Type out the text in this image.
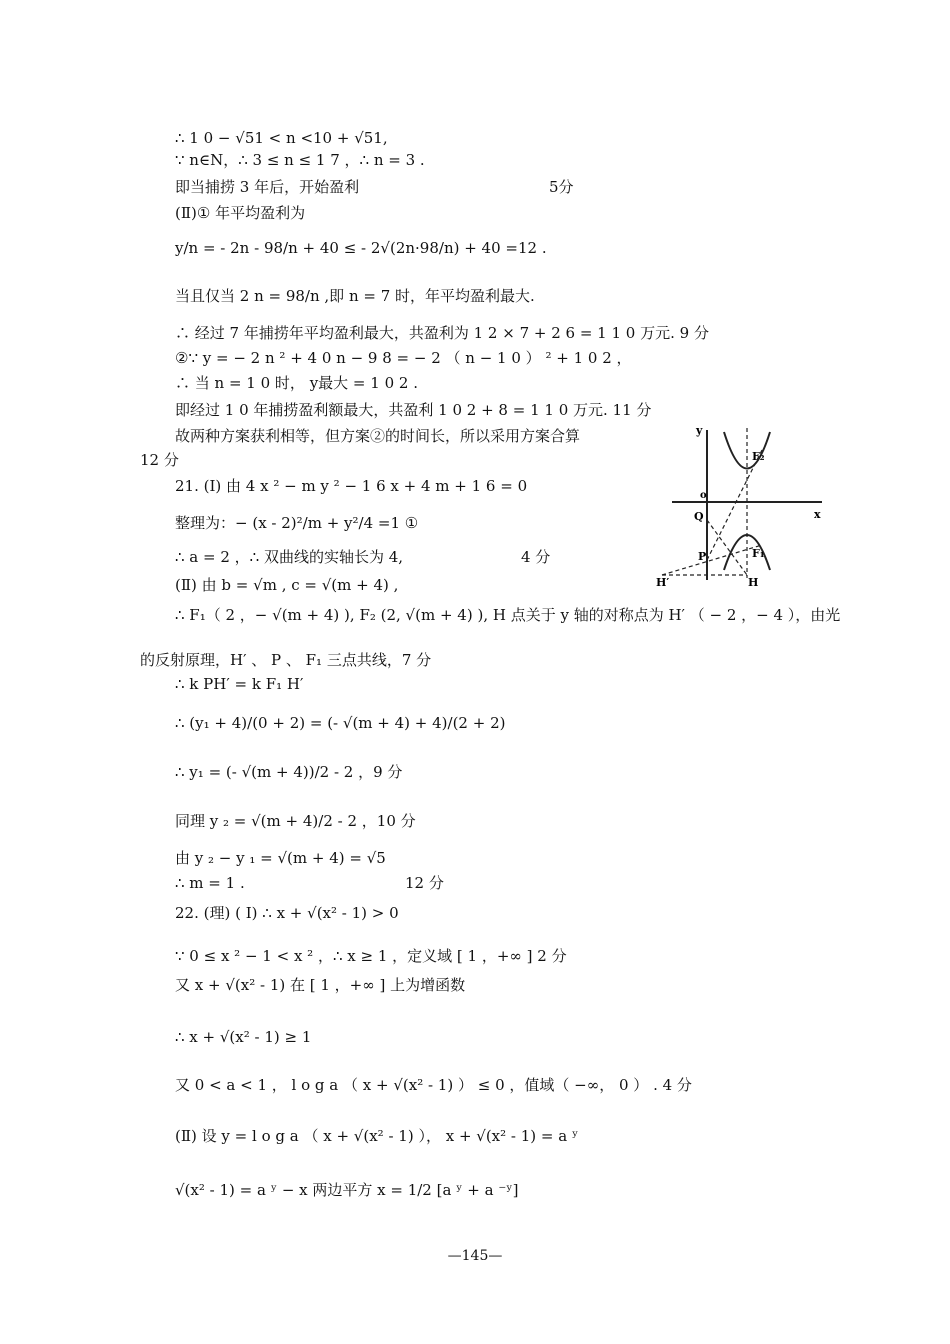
∴ 1 0 − √51 < n <10 + √51,
∵ n∈N，∴ 3 ≤ n ≤ 1 7 ，∴ n = 3 .
即当捕捞 3 年后，开始盈利	5分
(Ⅱ)① 年平均盈利为
y/n = - 2n - 98/n + 40 ≤ - 2√(2n·98/n) + 40 =12 .
当且仅当 2 n = 98/n ,即 n = 7 时，年平均盈利最大.
∴ 经过 7 年捕捞年平均盈利最大，共盈利为 1 2 × 7 + 2 6 = 1 1 0 万元. 9 分
②∵ y = − 2 n ² + 4 0 n − 9 8 = − 2 （ n − 1 0 ） ² + 1 0 2 ，
∴ 当 n = 1 0 时， y最大 = 1 0 2 .
即经过 1 0 年捕捞盈利额最大，共盈利 1 0 2 + 8 = 1 1 0 万元. 11 分
故两种方案获利相等，但方案②的时间长，所以采用方案合算
12 分
21. (Ⅰ) 由 4 x ² − m y ² − 1 6 x + 4 m + 1 6 = 0
整理为：− (x - 2)²/m + y²/4 =1 ①
∴ a = 2 ，∴ 双曲线的实轴长为 4,	4 分
(Ⅱ) 由 b = √m , c = √(m + 4) ,
∴ F₁（ 2 ，− √(m + 4) ), F₂ (2, √(m + 4) ), H 点关于 y 轴的对称点为 H′ （ − 2 ，− 4 ），由光
的反射原理，H′ 、 P 、 F₁ 三点共线，7 分
∴ k PH′ = k F₁ H′
∴ (y₁ + 4)/(0 + 2) = (- √(m + 4) + 4)/(2 + 2)
∴ y₁ = (- √(m + 4))/2 - 2 ，9 分
同理 y ₂ = √(m + 4)/2 - 2 ，10 分
由 y ₂ − y ₁ = √(m + 4) = √5
∴ m = 1 .	12 分
22. (理) ( Ⅰ) ∴ x + √(x² - 1) > 0
∵ 0 ≤ x ² − 1 < x ² ，∴ x ≥ 1 ，定义域 [ 1 ，+∞ ] 2 分
又 x + √(x² - 1) 在 [ 1 ，+∞ ] 上为增函数
∴ x + √(x² - 1) ≥ 1
又 0 < a < 1 ， l o g a （ x + √(x² - 1) ） ≤ 0 ，值域（ −∞， 0 ） . 4 分
(Ⅱ) 设 y = l o g a （ x + √(x² - 1) ）， x + √(x² - 1) = a ʸ
√(x² - 1) = a ʸ − x 两边平方 x = 1/2 [a ʸ + a ⁻ʸ]
y
x
o
Q
P	F₁
F₂
H
H′
—145—
